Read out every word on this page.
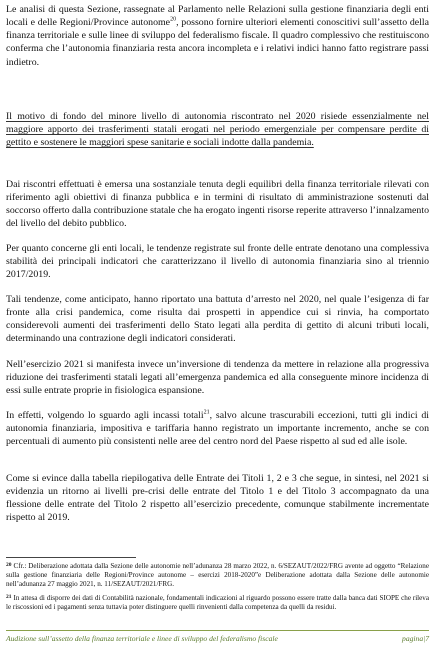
Le analisi di questa Sezione, rassegnate al Parlamento nelle Relazioni sulla gestione finanziaria degli enti locali e delle Regioni/Province autonome$^{20}$, possono fornire ulteriori elementi conoscitivi sull’assetto della finanza territoriale e sulle linee di sviluppo del federalismo fiscale. Il quadro complessivo che restituiscono conferma che l’autonomia finanziaria resta ancora incompleta e i relativi indici hanno fatto registrare passi indietro.

Il motivo di fondo del minore livello di autonomia riscontrato nel 2020 risiede essenzialmente nel maggiore apporto dei trasferimenti statali erogati nel periodo emergenziale per compensare perdite di gettito e sostenere le maggiori spese sanitarie e sociali indotte dalla pandemia.

Dai riscontri effettuati è emersa una sostanziale tenuta degli equilibri della finanza territoriale rilevati con riferimento agli obiettivi di finanza pubblica e in termini di risultato di amministrazione sostenuti dal soccorso offerto dalla contribuzione statale che ha erogato ingenti risorse reperite attraverso l’innalzamento del livello del debito pubblico.

Per quanto concerne gli enti locali, le tendenze registrate sul fronte delle entrate denotano una complessiva stabilità dei principali indicatori che caratterizzano il livello di autonomia finanziaria sino al triennio 2017/2019.

Tali tendenze, come anticipato, hanno riportato una battuta d’arresto nel 2020, nel quale l’esigenza di far fronte alla crisi pandemica, come risulta dai prospetti in appendice cui si rinvia, ha comportato considerevoli aumenti dei trasferimenti dello Stato legati alla perdita di gettito di alcuni tributi locali, determinando una contrazione degli indicatori considerati.

Nell’esercizio 2021 si manifesta invece un’inversione di tendenza da mettere in relazione alla progressiva riduzione dei trasferimenti statali legati all’emergenza pandemica ed alla conseguente minore incidenza di essi sulle entrate proprie in fisiologica espansione.

In effetti, volgendo lo sguardo agli incassi totali$^{21}$, salvo alcune trascurabili eccezioni, tutti gli indici di autonomia finanziaria, impositiva e tariffaria hanno registrato un importante incremento, anche se con percentuali di aumento più consistenti nelle aree del centro nord del Paese rispetto al sud ed alle isole.

Come si evince dalla tabella riepilogativa delle Entrate dei Titoli 1, 2 e 3 che segue, in sintesi, nel 2021 si evidenzia un ritorno ai livelli pre-crisi delle entrate del Titolo 1 e del Titolo 3 accompagnato da una flessione delle entrate del Titolo 2 rispetto all’esercizio precedente, comunque stabilmente incrementate rispetto al 2019.

$^{20}$ Cfr.: Deliberazione adottata dalla Sezione delle autonomie nell’adunanza 28 marzo 2022, n. 6/SEZAUT/2022/FRG avente ad oggetto “Relazione sulla gestione finanziaria delle Regioni/Province autonome – esercizi 2018-2020”e Deliberazione adottata dalla Sezione delle autonomie nell’adunanza 27 maggio 2021, n. 11/SEZAUT/2021/FRG.

$^{21}$ In attesa di disporre dei dati di Contabilità nazionale, fondamentali indicazioni al riguardo possono essere tratte dalla banca dati SIOPE che rileva le riscossioni ed i pagamenti senza tuttavia poter distinguere quelli rinvenienti dalla competenza da quelli da residui.

Audizione sull’assetto della finanza territoriale e linee di sviluppo del federalismo fiscale	pagina|7
